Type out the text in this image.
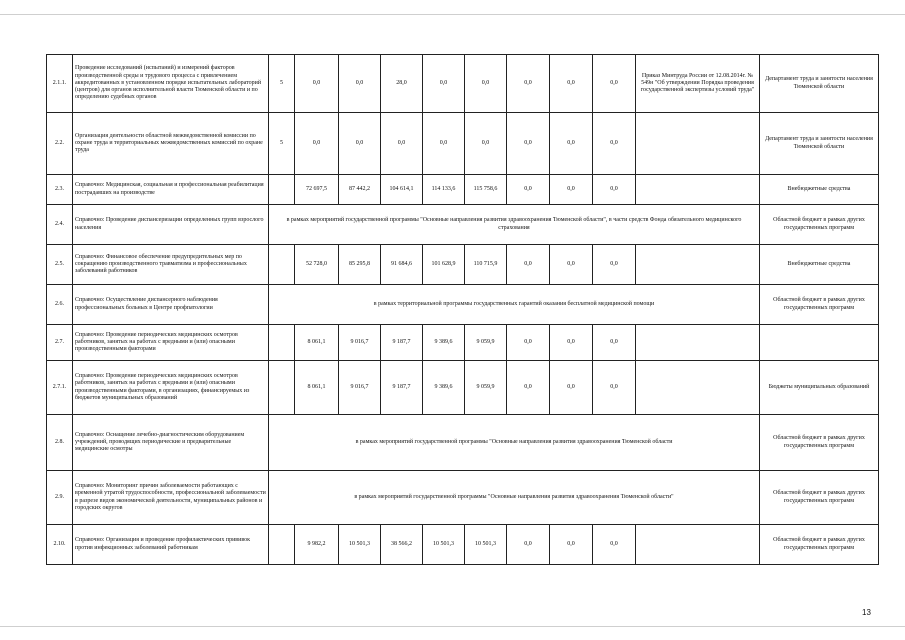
2.1.1.	Проведение исследований (испытаний) и измерений факторов производственной среды и трудового процесса с привлечением аккредитованных в установленном порядке испытательных лабораторий (центров) для органов исполнительной власти Тюменской области и по определению судебных органов	5	0,0	0,0	28,0	0,0	0,0	0,0	0,0	0,0	Приказ Минтруда России от 12.08.2014г. № 549н "Об утверждении Порядка проведения государственной экспертизы условий труда"	Департамент труда и занятости населения Тюменской области
2.2.	Организация деятельности областной межведомственной комиссии по охране труда и территориальных межведомственных комиссий по охране труда	5	0,0	0,0	0,0	0,0	0,0	0,0	0,0	0,0		Департамент труда и занятости населения Тюменской области
2.3.	Справочно: Медицинская, социальная и профессиональная реабилитация пострадавших на производстве		72 697,5	87 442,2	104 614,1	114 133,6	115 758,6	0,0	0,0	0,0		Внебюджетные средства
2.4.	Справочно: Проведение диспансеризации определенных групп взрослого населения	в рамках мероприятий государственной программы "Основные направления развития здравоохранения Тюменской области", в части средств Фонда обязательного медицинского страхования										Областной бюджет в рамках других государственных программ
2.5.	Справочно: Финансовое обеспечение предупредительных мер по сокращению производственного травматизма и профессиональных заболеваний работников		52 728,0	85 295,8	91 684,6	101 628,9	110 715,9	0,0	0,0	0,0		Внебюджетные средства
2.6.	Справочно: Осуществление диспансерного наблюдения профессиональных больных в Центре профпатологии	в рамках территориальной программы государственных гарантий оказания бесплатной медицинской помощи										Областной бюджет в рамках других государственных программ
2.7.	Справочно: Проведение периодических медицинских осмотров работников, занятых на работах с вредными и (или) опасными производственными факторами		8 061,1	9 016,7	9 187,7	9 389,6	9 059,9	0,0	0,0	0,0		
2.7.1.	Справочно: Проведение периодических медицинских осмотров работников, занятых на работах с вредными и (или) опасными производственными факторами, в организациях, финансируемых из бюджетов муниципальных образований		8 061,1	9 016,7	9 187,7	9 389,6	9 059,9	0,0	0,0	0,0		Бюджеты муниципальных образований
2.8.	Справочно: Оснащение лечебно-диагностическим оборудованием учреждений, проводящих периодические и предварительные медицинские осмотры	в рамках мероприятий государственной программы "Основные направления развития здравоохранения Тюменской области										Областной бюджет в рамках других государственных программ
2.9.	Справочно: Мониторинг причин заболеваемости работающих с временной утратой трудоспособности, профессиональной заболеваемости в разрезе видов экономической деятельности, муниципальных районов и городских округов	в рамках мероприятий государственной программы "Основные направления развития здравоохранения Тюменской области"										Областной бюджет в рамках других государственных программ
2.10.	Справочно: Организация и проведение профилактических прививок против инфекционных заболеваний работникам		9 982,2	10 501,3	38 566,2	10 501,3	10 501,3	0,0	0,0	0,0		Областной бюджет в рамках других государственных программ
13
